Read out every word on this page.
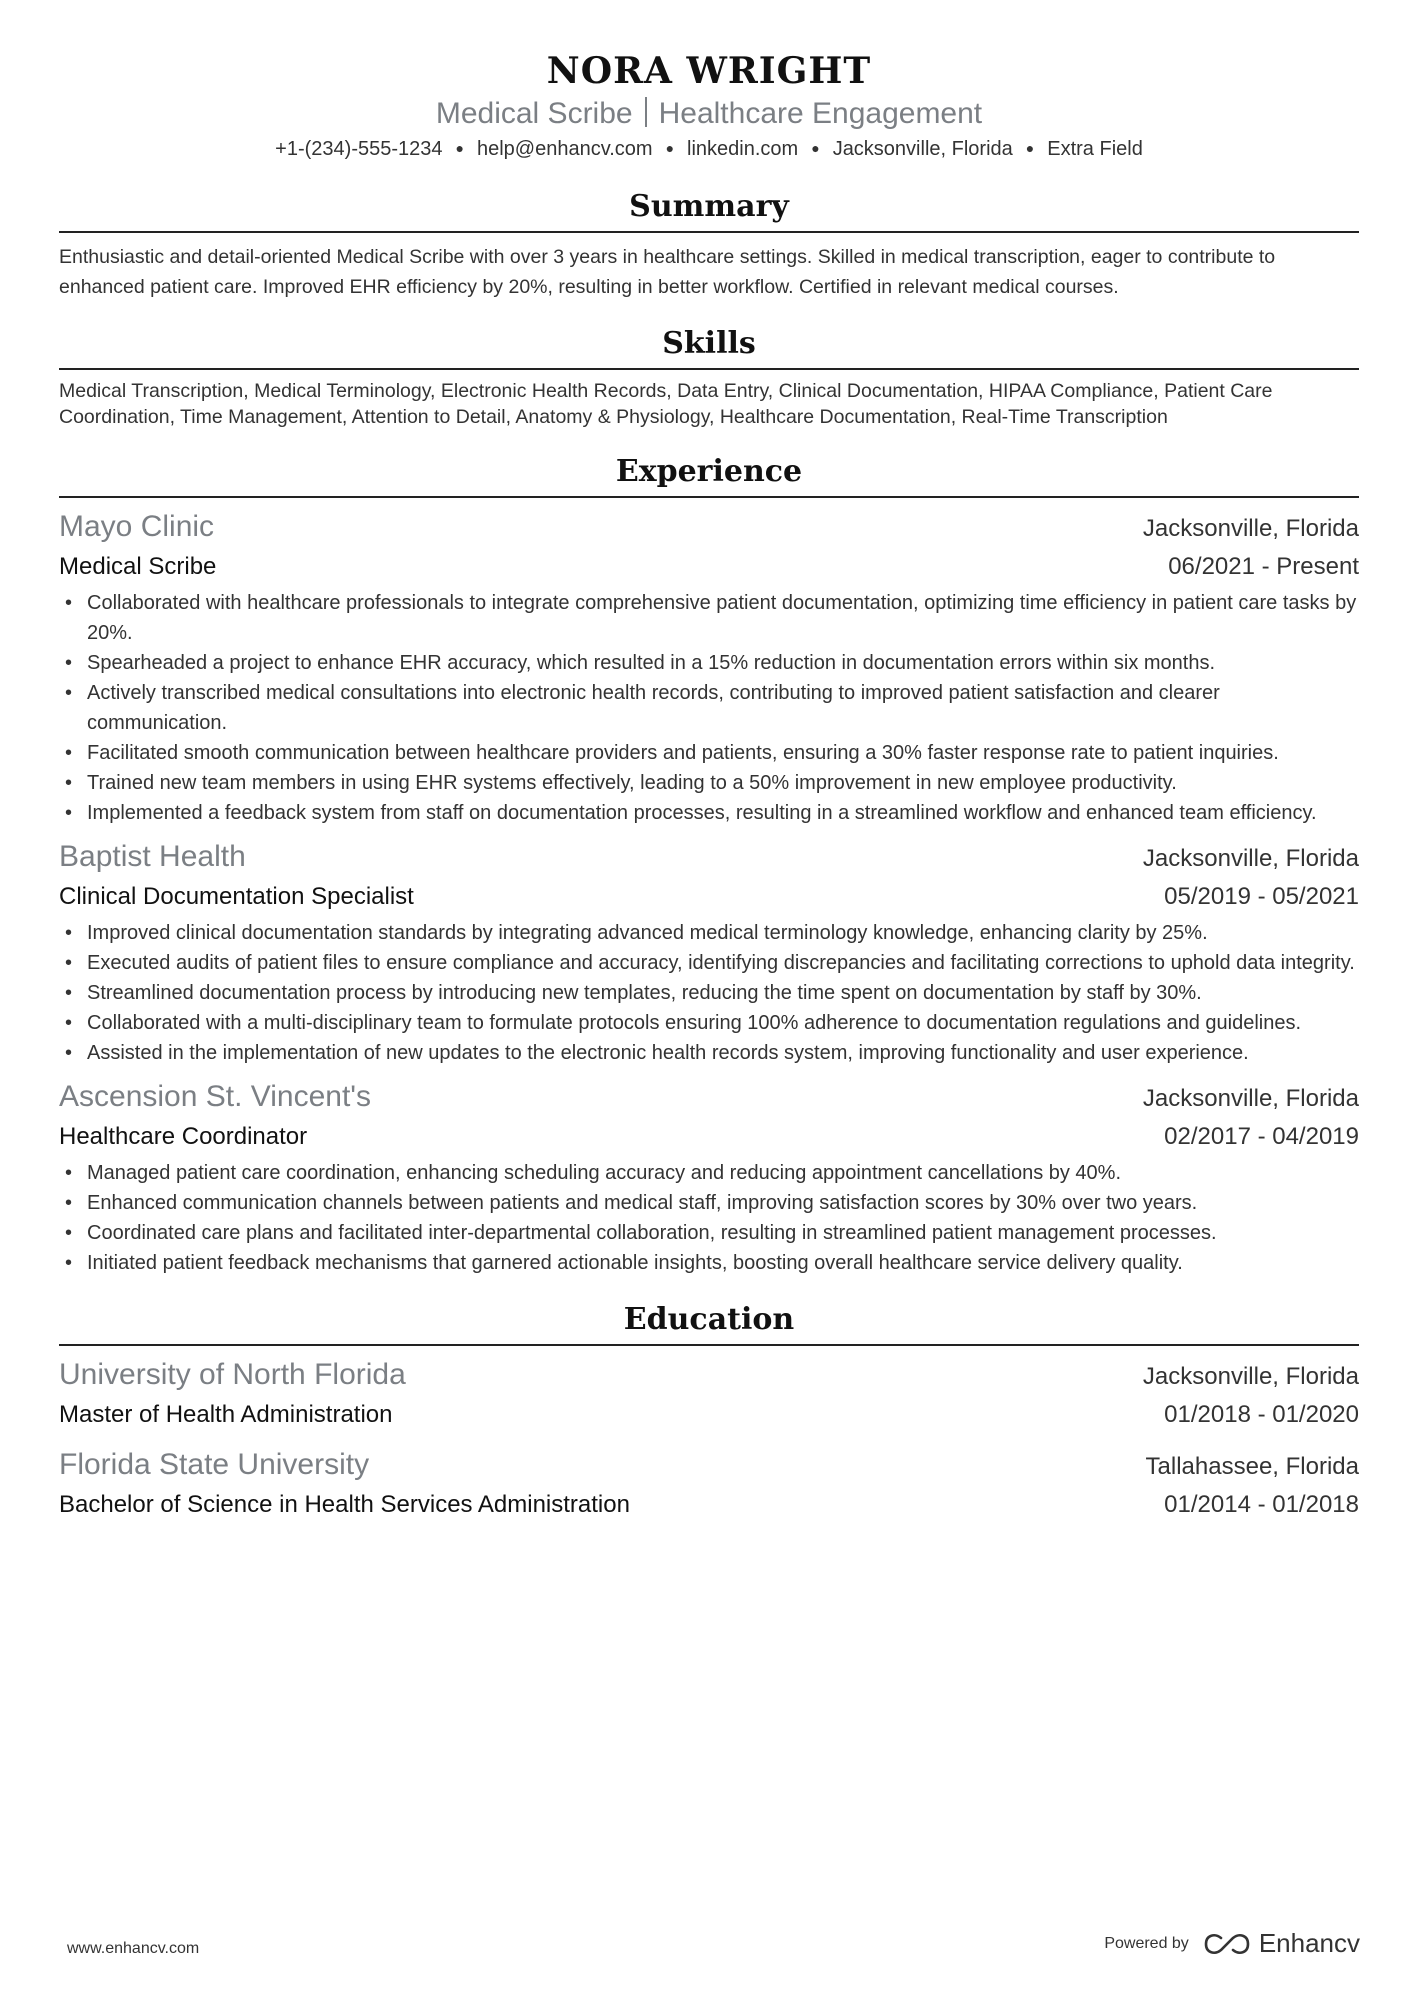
NORA WRIGHT
Medical Scribe Healthcare Engagement
+1-(234)-555-1234 ● help@enhancv.com ● linkedin.com ● Jacksonville, Florida ● Extra Field
Summary
Enthusiastic and detail-oriented Medical Scribe with over 3 years in healthcare settings. Skilled in medical transcription, eager to contribute to enhanced patient care. Improved EHR efficiency by 20%, resulting in better workflow. Certified in relevant medical courses.
Skills
Medical Transcription, Medical Terminology, Electronic Health Records, Data Entry, Clinical Documentation, HIPAA Compliance, Patient Care Coordination, Time Management, Attention to Detail, Anatomy & Physiology, Healthcare Documentation, Real-Time Transcription
Experience
Mayo Clinic	Jacksonville, Florida
Medical Scribe	06/2021 - Present
• Collaborated with healthcare professionals to integrate comprehensive patient documentation, optimizing time efficiency in patient care tasks by 20%.
• Spearheaded a project to enhance EHR accuracy, which resulted in a 15% reduction in documentation errors within six months.
• Actively transcribed medical consultations into electronic health records, contributing to improved patient satisfaction and clearer communication.
• Facilitated smooth communication between healthcare providers and patients, ensuring a 30% faster response rate to patient inquiries.
• Trained new team members in using EHR systems effectively, leading to a 50% improvement in new employee productivity.
• Implemented a feedback system from staff on documentation processes, resulting in a streamlined workflow and enhanced team efficiency.
Baptist Health	Jacksonville, Florida
Clinical Documentation Specialist	05/2019 - 05/2021
• Improved clinical documentation standards by integrating advanced medical terminology knowledge, enhancing clarity by 25%.
• Executed audits of patient files to ensure compliance and accuracy, identifying discrepancies and facilitating corrections to uphold data integrity.
• Streamlined documentation process by introducing new templates, reducing the time spent on documentation by staff by 30%.
• Collaborated with a multi-disciplinary team to formulate protocols ensuring 100% adherence to documentation regulations and guidelines.
• Assisted in the implementation of new updates to the electronic health records system, improving functionality and user experience.
Ascension St. Vincent's	Jacksonville, Florida
Healthcare Coordinator	02/2017 - 04/2019
• Managed patient care coordination, enhancing scheduling accuracy and reducing appointment cancellations by 40%.
• Enhanced communication channels between patients and medical staff, improving satisfaction scores by 30% over two years.
• Coordinated care plans and facilitated inter-departmental collaboration, resulting in streamlined patient management processes.
• Initiated patient feedback mechanisms that garnered actionable insights, boosting overall healthcare service delivery quality.
Education
University of North Florida	Jacksonville, Florida
Master of Health Administration	01/2018 - 01/2020
Florida State University	Tallahassee, Florida
Bachelor of Science in Health Services Administration	01/2014 - 01/2018
www.enhancv.com	Powered by	Enhancv
